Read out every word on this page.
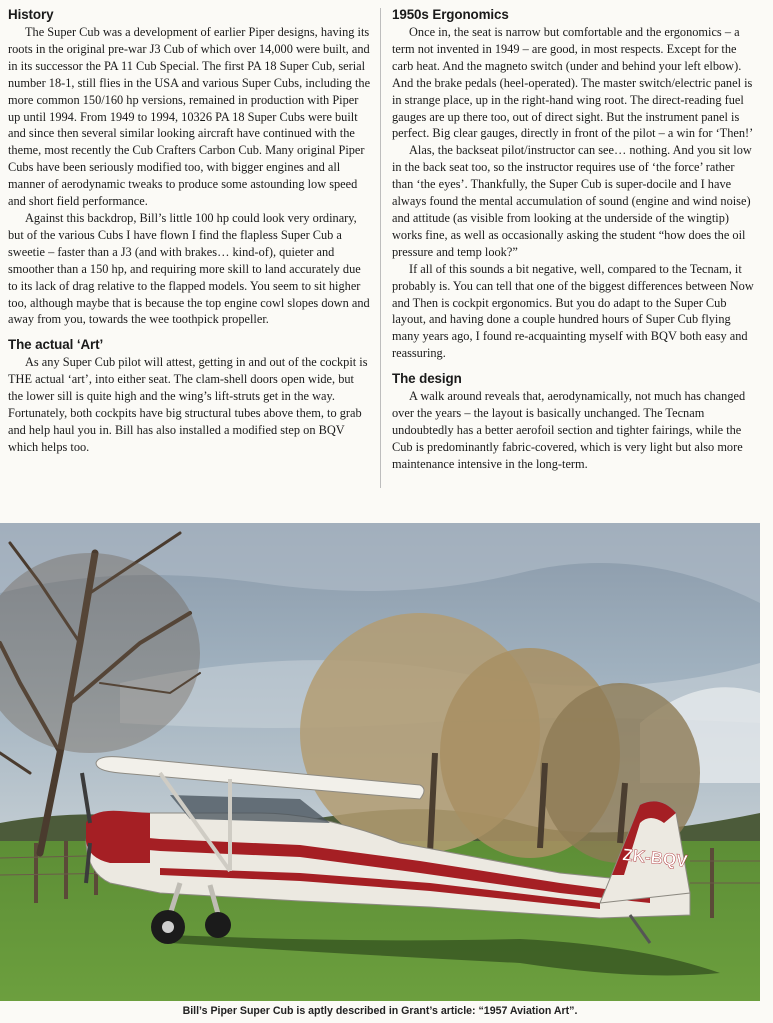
History

The Super Cub was a development of earlier Piper designs, having its roots in the original pre-war J3 Cub of which over 14,000 were built, and in its successor the PA 11 Cub Special. The first PA 18 Super Cub, serial number 18-1, still flies in the USA and various Super Cubs, including the more common 150/160 hp versions, remained in production with Piper up until 1994. From 1949 to 1994, 10326 PA 18 Super Cubs were built and since then several similar looking aircraft have continued with the theme, most recently the Cub Crafters Carbon Cub. Many original Piper Cubs have been seriously modified too, with bigger engines and all manner of aerodynamic tweaks to produce some astounding low speed and short field performance.

Against this backdrop, Bill’s little 100 hp could look very ordinary, but of the various Cubs I have flown I find the flapless Super Cub a sweetie – faster than a J3 (and with brakes… kind-of), quieter and smoother than a 150 hp, and requiring more skill to land accurately due to its lack of drag relative to the flapped models. You seem to sit higher too, although maybe that is because the top engine cowl slopes down and away from you, towards the wee toothpick propeller.

The actual ‘Art’

As any Super Cub pilot will attest, getting in and out of the cockpit is THE actual ‘art’, into either seat. The clam-shell doors open wide, but the lower sill is quite high and the wing’s lift-struts get in the way. Fortunately, both cockpits have big structural tubes above them, to grab and help haul you in. Bill has also installed a modified step on BQV which helps too.

1950s Ergonomics

Once in, the seat is narrow but comfortable and the ergonomics – a term not invented in 1949 – are good, in most respects. Except for the carb heat. And the magneto switch (under and behind your left elbow). And the brake pedals (heel-operated). The master switch/electric panel is in strange place, up in the right-hand wing root. The direct-reading fuel gauges are up there too, out of direct sight. But the instrument panel is perfect. Big clear gauges, directly in front of the pilot – a win for ‘Then!’

Alas, the backseat pilot/instructor can see… nothing. And you sit low in the back seat too, so the instructor requires use of ‘the force’ rather than ‘the eyes’. Thankfully, the Super Cub is super-docile and I have always found the mental accumulation of sound (engine and wind noise) and attitude (as visible from looking at the underside of the wingtip) works fine, as well as occasionally asking the student “how does the oil pressure and temp look?”

If all of this sounds a bit negative, well, compared to the Tecnam, it probably is. You can tell that one of the biggest differences between Now and Then is cockpit ergonomics. But you do adapt to the Super Cub layout, and having done a couple hundred hours of Super Cub flying many years ago, I found re-acquainting myself with BQV both easy and reassuring.

The design

A walk around reveals that, aerodynamically, not much has changed over the years – the layout is basically unchanged. The Tecnam undoubtedly has a better aerofoil section and tighter fairings, while the Cub is predominantly fabric-covered, which is very light but also more maintenance intensive in the long-term.

ZK-BQV
Bill’s Piper Super Cub is aptly described in Grant’s article: “1957 Aviation Art”.
